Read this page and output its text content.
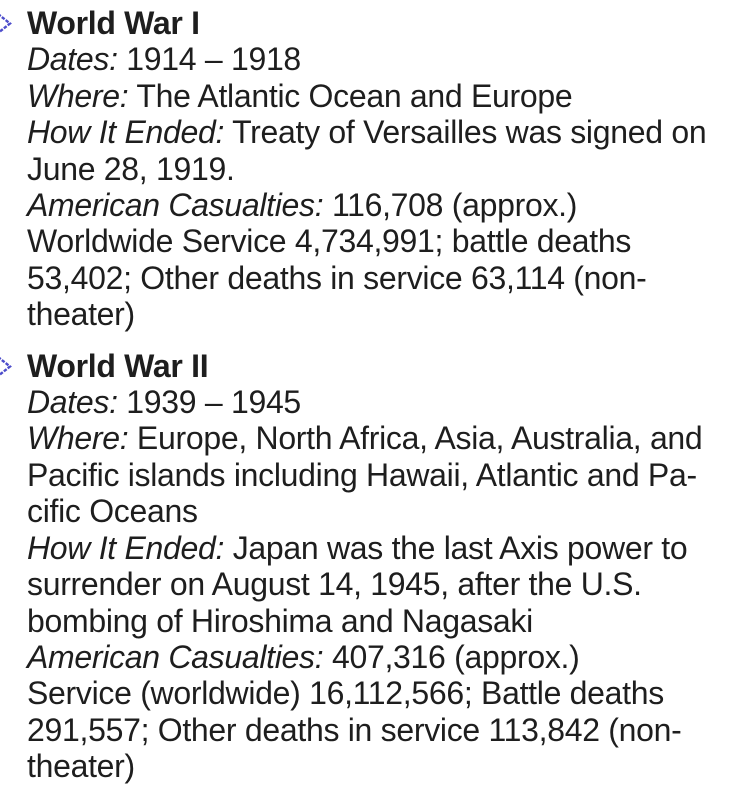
World War I
Dates: 1914 – 1918
Where: The Atlantic Ocean and Europe
How It Ended: Treaty of Versailles was signed on
June 28, 1919.
American Casualties: 116,708 (approx.)
Worldwide Service 4,734,991; battle deaths
53,402; Other deaths in service 63,114 (non-
theater)
World War II
Dates: 1939 – 1945
Where: Europe, North Africa, Asia, Australia, and
Pacific islands including Hawaii, Atlantic and Pa-
cific Oceans
How It Ended: Japan was the last Axis power to
surrender on August 14, 1945, after the U.S.
bombing of Hiroshima and Nagasaki
American Casualties: 407,316 (approx.)
Service (worldwide) 16,112,566; Battle deaths
291,557; Other deaths in service 113,842 (non-
theater)
